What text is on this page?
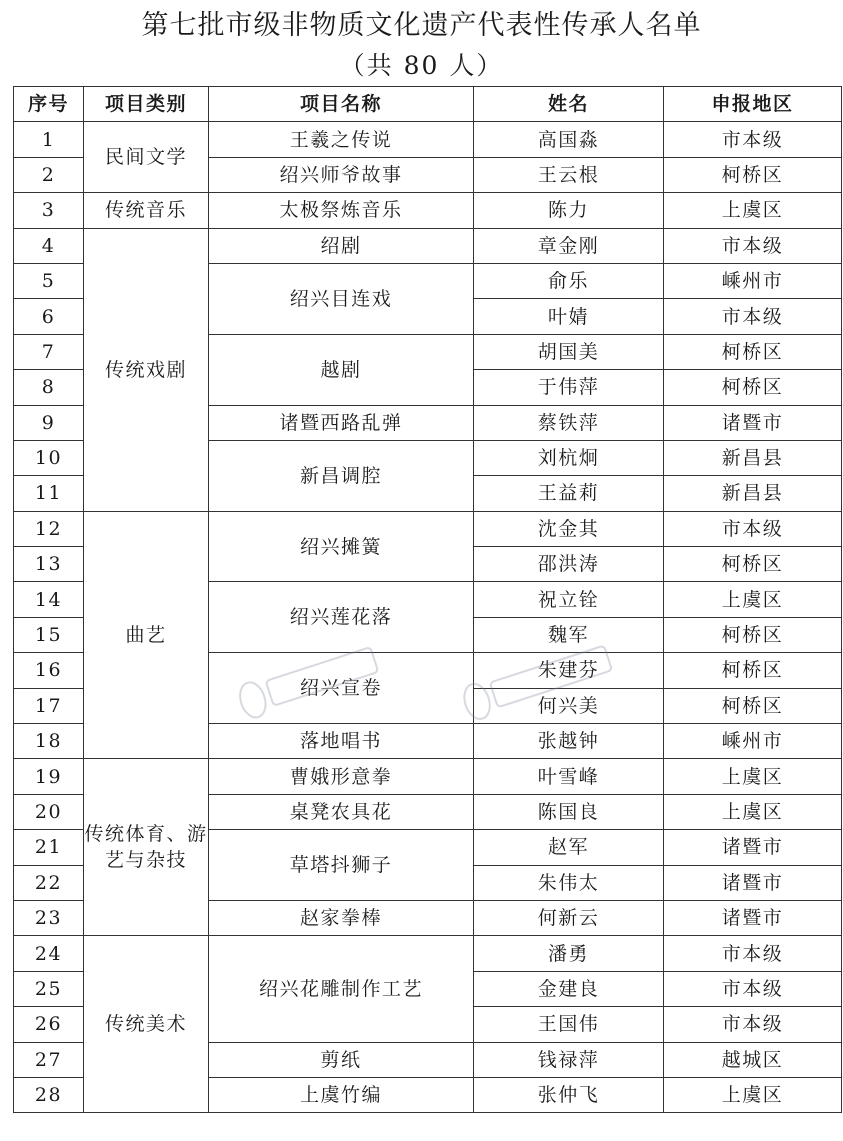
第七批市级非物质文化遗产代表性传承人名单
（共 80 人）
序号	项目类别	项目名称	姓名	申报地区
1	民间文学	王羲之传说	高国淼	市本级
2		绍兴师爷故事	王云根	柯桥区
3	传统音乐	太极祭炼音乐	陈力	上虞区
4	传统戏剧	绍剧	章金刚	市本级
5		绍兴目连戏	俞乐	嵊州市
6			叶婧	市本级
7		越剧	胡国美	柯桥区
8			于伟萍	柯桥区
9		诸暨西路乱弹	蔡铁萍	诸暨市
10		新昌调腔	刘杭炯	新昌县
11			王益莉	新昌县
12	曲艺	绍兴摊簧	沈金其	市本级
13			邵洪涛	柯桥区
14		绍兴莲花落	祝立铨	上虞区
15			魏军	柯桥区
16		绍兴宣卷	朱建芬	柯桥区
17			何兴美	柯桥区
18		落地唱书	张越钟	嵊州市
19	传统体育、游艺与杂技	曹娥形意拳	叶雪峰	上虞区
20		桌凳农具花	陈国良	上虞区
21		草塔抖狮子	赵军	诸暨市
22			朱伟太	诸暨市
23		赵家拳棒	何新云	诸暨市
24	传统美术	绍兴花雕制作工艺	潘勇	市本级
25			金建良	市本级
26			王国伟	市本级
27		剪纸	钱禄萍	越城区
28		上虞竹编	张仲飞	上虞区
